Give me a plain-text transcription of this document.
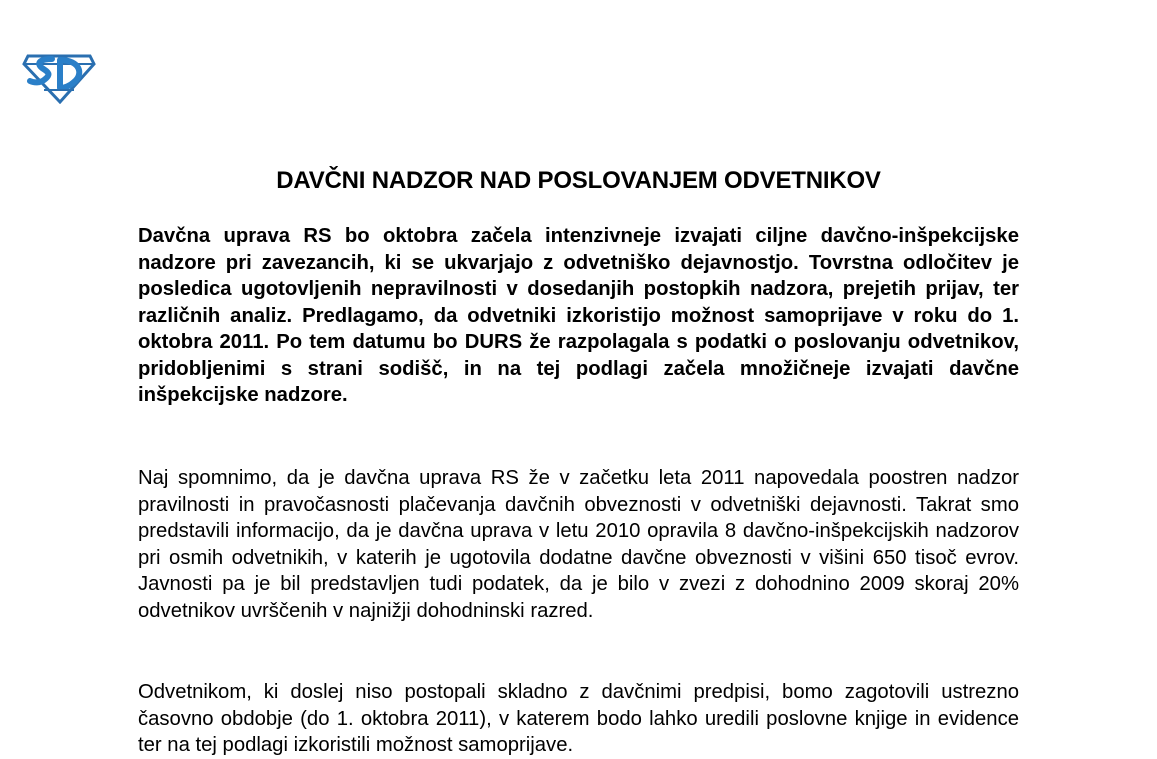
DAVČNI NADZOR NAD POSLOVANJEM ODVETNIKOV

Davčna uprava RS bo oktobra začela intenzivneje izvajati ciljne davčno-inšpekcijske nadzore pri zavezancih, ki se ukvarjajo z odvetniško dejavnostjo. Tovrstna odločitev je posledica ugotovljenih nepravilnosti v dosedanjih postopkih nadzora, prejetih prijav, ter različnih analiz. Predlagamo, da odvetniki izkoristijo možnost samoprijave v roku do 1. oktobra 2011. Po tem datumu bo DURS že razpolagala s podatki o poslovanju odvetnikov, pridobljenimi s strani sodišč, in na tej podlagi začela množičneje izvajati davčne inšpekcijske nadzore.

Naj spomnimo, da je davčna uprava RS že v začetku leta 2011 napovedala poostren nadzor pravilnosti in pravočasnosti plačevanja davčnih obveznosti v odvetniški dejavnosti. Takrat smo predstavili informacijo, da je davčna uprava v letu 2010 opravila 8 davčno-inšpekcijskih nadzorov pri osmih odvetnikih, v katerih je ugotovila dodatne davčne obveznosti v višini 650 tisoč evrov. Javnosti pa je bil predstavljen tudi podatek, da je bilo v zvezi z dohodnino 2009 skoraj 20% odvetnikov uvrščenih v najnižji dohodninski razred.

Odvetnikom, ki doslej niso postopali skladno z davčnimi predpisi, bomo zagotovili ustrezno časovno obdobje (do 1. oktobra 2011), v katerem bodo lahko uredili poslovne knjige in evidence ter na tej podlagi izkoristili možnost samoprijave.
